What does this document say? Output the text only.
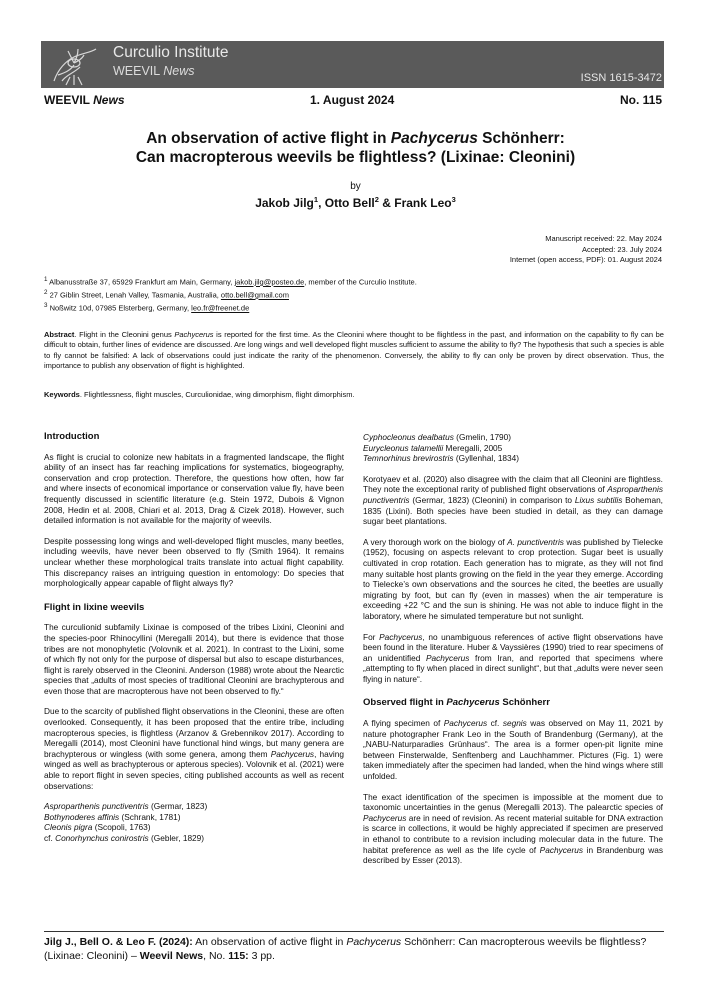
Curculio Institute
WEEVIL News	ISSN 1615-3472
WEEVIL News	1. August 2024	No. 115
An observation of active flight in Pachycerus Schönherr:
Can macropterous weevils be flightless? (Lixinae: Cleonini)
by
Jakob Jilg$^1$, Otto Bell$^2$ & Frank Leo$^3$
Manuscript received: 22. May 2024
Accepted: 23. July 2024
Internet (open access, PDF): 01. August 2024
$^1$ Albanusstraße 37, 65929 Frankfurt am Main, Germany, jakob.jilg@posteo.de, member of the Curculio Institute.
$^2$ 27 Giblin Street, Lenah Valley, Tasmania, Australia, otto.bell@gmail.com
$^3$ Noßwitz 10d, 07985 Elsterberg, Germany, leo.fr@freenet.de
Abstract. Flight in the Cleonini genus Pachycerus is reported for the first time. As the Cleonini where thought to be flightless in the past, and information on the capability to fly can be difficult to obtain, further lines of evidence are discussed. Are long wings and well developed flight muscles sufficient to assume the ability to fly? The hypothesis that such a species is able to fly cannot be falsified: A lack of observations could just indicate the rarity of the phenomenon. Conversely, the ability to fly can only be proven by direct observation. Thus, the importance to publish any observation of flight is highlighted.
Keywords. Flightlessness, flight muscles, Curculionidae, wing dimorphism, flight dimorphism.
Introduction

As flight is crucial to colonize new habitats in a fragmented landscape, the flight ability of an insect has far reaching implications for systematics, biogeography, conservation and crop protection. Therefore, the questions how often, how far and where insects of economical importance or conservation value fly, have been frequently discussed in scientific literature (e.g. Stein 1972, Dubois & Vignon 2008, Hedin et al. 2008, Chiari et al. 2013, Drag & Cizek 2018). However, such detailed information is not available for the majority of weevils.

Despite possessing long wings and well-developed flight muscles, many beetles, including weevils, have never been observed to fly (Smith 1964). It remains unclear whether these morphological traits translate into actual flight capability. This discrepancy raises an intriguing question in entomology: Do species that morphologically appear capable of flight always fly?

Flight in lixine weevils

The curculionid subfamily Lixinae is composed of the tribes Lixini, Cleonini and the species-poor Rhinocyllini (Meregalli 2014), but there is evidence that those tribes are not monophyletic (Volovnik et al. 2021). In contrast to the Lixini, some of which fly not only for the purpose of dispersal but also to escape disturbances, flight is rarely observed in the Cleonini. Anderson (1988) wrote about the Nearctic species that „adults of most species of traditional Cleonini are brachypterous and even those that are macropterous have not been observed to fly.“

Due to the scarcity of published flight observations in the Cleonini, these are often overlooked. Consequently, it has been proposed that the entire tribe, including macropterous species, is flightless (Arzanov & Grebennikov 2017). According to Meregalli (2014), most Cleonini have functional hind wings, but many genera are brachypterous or wingless (with some genera, among them Pachycerus, having winged as well as brachypterous or apterous species). Volovnik et al. (2021) were able to report flight in seven species, citing published accounts as well as recent observations:

Asproparthenis punctiventris (Germar, 1823)
Bothynoderes affinis (Schrank, 1781)
Cleonis pigra (Scopoli, 1763)
cf. Conorhynchus conirostris (Gebler, 1829)
Cyphocleonus dealbatus (Gmelin, 1790)
Eurycleonus talamellii Meregalli, 2005
Temnorhinus brevirostris (Gyllenhal, 1834)

Korotyaev et al. (2020) also disagree with the claim that all Cleonini are flightless. They note the exceptional rarity of published flight observations of Asproparthenis punctiventris (Germar, 1823) (Cleonini) in comparison to Lixus subtilis Boheman, 1835 (Lixini). Both species have been studied in detail, as they can damage sugar beet plantations.

A very thorough work on the biology of A. punctiventris was published by Tielecke (1952), focusing on aspects relevant to crop protection. Sugar beet is usually cultivated in crop rotation. Each generation has to migrate, as they will not find many suitable host plants growing on the field in the year they emerge. According to Tielecke’s own observations and the sources he cited, the beetles are usually migrating by foot, but can fly (even in masses) when the air temperature is exceeding +22 °C and the sun is shining. He was not able to induce flight in the laboratory, where he simulated temperature but not sunlight.

For Pachycerus, no unambiguous references of active flight observations have been found in the literature. Huber & Vayssières (1990) tried to rear specimens of an unidentified Pachycerus from Iran, and reported that specimens where „attempting to fly when placed in direct sunlight“, but that „adults were never seen flying in nature“.

Observed flight in Pachycerus Schönherr

A flying specimen of Pachycerus cf. segnis was observed on May 11, 2021 by nature photographer Frank Leo in the South of Brandenburg (Germany), at the „NABU-Naturparadies Grünhaus“. The area is a former open-pit lignite mine between Finsterwalde, Senftenberg and Lauchhammer. Pictures (Fig. 1) were taken immediately after the specimen had landed, when the hind wings where still unfolded.

The exact identification of the specimen is impossible at the moment due to taxonomic uncertainties in the genus (Meregalli 2013). The palearctic species of Pachycerus are in need of revision. As recent material suitable for DNA extraction is scarce in collections, it would be highly appreciated if specimen are preserved in ethanol to contribute to a revision including molecular data in the future. The habitat preference as well as the life cycle of Pachycerus in Brandenburg was described by Esser (2013).

Jilg J., Bell O. & Leo F. (2024): An observation of active flight in Pachycerus Schönherr: Can macropterous weevils be flightless? (Lixinae: Cleonini) – Weevil News, No. 115: 3 pp.
